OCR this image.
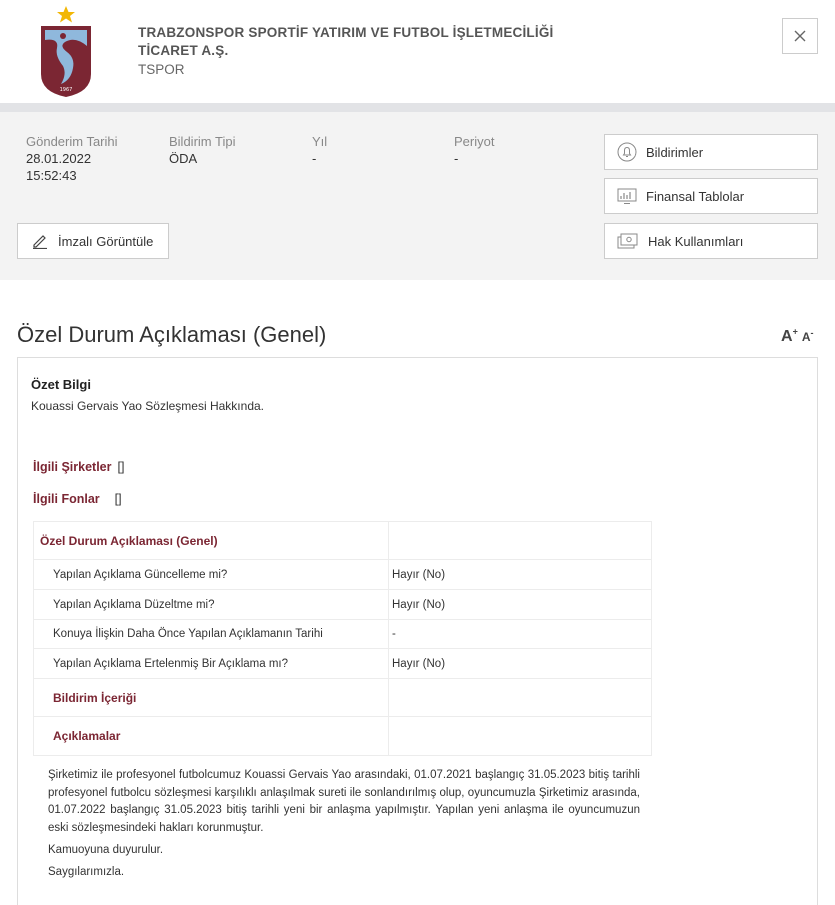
1967
TRABZONSPOR SPORTİF YATIRIM VE FUTBOL İŞLETMECİLİĞİ
TİCARET A.Ş.
TSPOR
Gönderim Tarihi
28.01.2022
15:52:43
Bildirim Tipi
ÖDA
Yıl
-
Periyot
-
İmzalı Görüntüle
Bildirimler
Finansal Tablolar
Hak Kullanımları
Özel Durum Açıklaması (Genel)	A+ A-
Özet Bilgi
Kouassi Gervais Yao Sözleşmesi Hakkında.
İlgili Şirketler []
İlgili Fonlar []
Özel Durum Açıklaması (Genel)	
Yapılan Açıklama Güncelleme mi?	Hayır (No)
Yapılan Açıklama Düzeltme mi?	Hayır (No)
Konuya İlişkin Daha Önce Yapılan Açıklamanın Tarihi	-
Yapılan Açıklama Ertelenmiş Bir Açıklama mı?	Hayır (No)
Bildirim İçeriği	
Açıklamalar	

Şirketimiz ile profesyonel futbolcumuz Kouassi Gervais Yao arasındaki, 01.07.2021 başlangıç 31.05.2023 bitiş tarihli profesyonel futbolcu sözleşmesi karşılıklı anlaşılmak sureti ile sonlandırılmış olup, oyuncumuzla Şirketimiz arasında, 01.07.2022 başlangıç 31.05.2023 bitiş tarihli yeni bir anlaşma yapılmıştır. Yapılan yeni anlaşma ile oyuncumuzun eski sözleşmesindeki hakları korunmuştur.

Kamuoyuna duyurulur.

Saygılarımızla.
